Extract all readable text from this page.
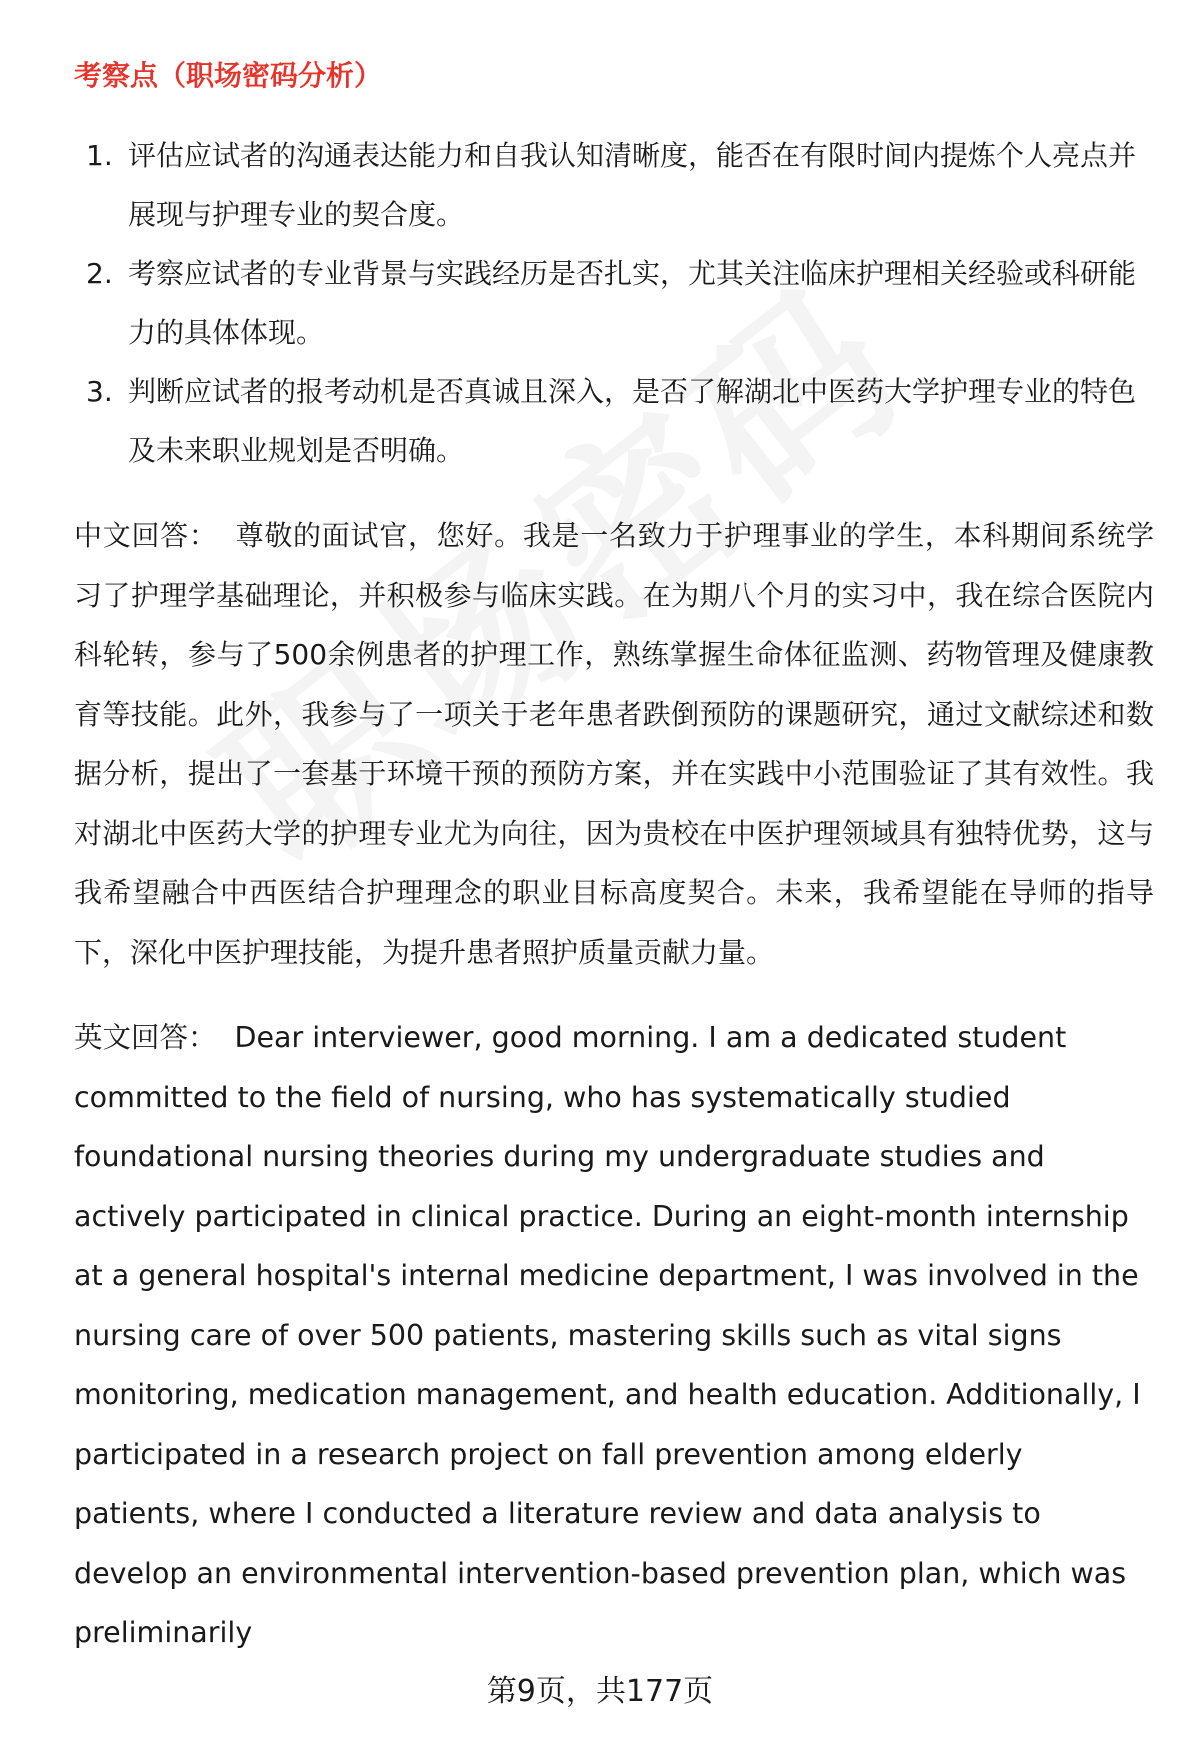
考察点（职场密码分析）
1. 评估应试者的沟通表达能力和自我认知清晰度，能否在有限时间内提炼个人亮点并展现与护理专业的契合度。
2. 考察应试者的专业背景与实践经历是否扎实，尤其关注临床护理相关经验或科研能力的具体体现。
3. 判断应试者的报考动机是否真诚且深入，是否了解湖北中医药大学护理专业的特色及未来职业规划是否明确。

中文回答： 尊敬的面试官，您好。我是一名致力于护理事业的学生，本科期间系统学习了护理学基础理论，并积极参与临床实践。在为期八个月的实习中，我在综合医院内科轮转，参与了500余例患者的护理工作，熟练掌握生命体征监测、药物管理及健康教育等技能。此外，我参与了一项关于老年患者跌倒预防的课题研究，通过文献综述和数据分析，提出了一套基于环境干预的预防方案，并在实践中小范围验证了其有效性。我对湖北中医药大学的护理专业尤为向往，因为贵校在中医护理领域具有独特优势，这与我希望融合中西医结合护理理念的职业目标高度契合。未来，我希望能在导师的指导下，深化中医护理技能，为提升患者照护质量贡献力量。

英文回答： Dear interviewer, good morning. I am a dedicated student committed to the field of nursing, who has systematically studied foundational nursing theories during my undergraduate studies and actively participated in clinical practice. During an eight-month internship at a general hospital's internal medicine department, I was involved in the nursing care of over 500 patients, mastering skills such as vital signs monitoring, medication management, and health education. Additionally, I participated in a research project on fall prevention among elderly patients, where I conducted a literature review and data analysis to develop an environmental intervention-based prevention plan, which was preliminarily

第9页，共177页
